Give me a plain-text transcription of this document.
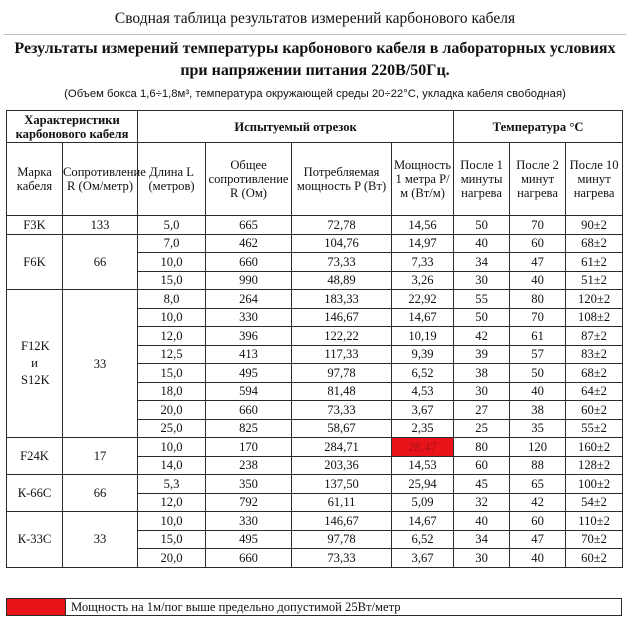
Сводная таблица результатов измерений карбонового кабеля
Результаты измерений температуры карбонового кабеля в лабораторных условиях
при напряжении питания 220В/50Гц.
(Объем бокса 1,6÷1,8м³, температура окружающей среды 20÷22°C, укладка кабеля свободная)
Характеристики карбонового кабеля		Испытуемый отрезок				Температура °C		
Марка кабеля	Сопротивление R (Ом/метр)	Длина L (метров)	Общее сопротивление R (Ом)	Потребляемая мощность P (Вт)	Мощность 1 метра P/м (Вт/м)	После 1 минуты нагрева	После 2 минут нагрева	После 10 минут нагрева
F3K	133	5,0	665	72,78	14,56	50	70	90±2
F6K	66	7,0	462	104,76	14,97	40	60	68±2
		10,0	660	73,33	7,33	34	47	61±2
		15,0	990	48,89	3,26	30	40	51±2
F12K и S12K	33	8,0	264	183,33	22,92	55	80	120±2
		10,0	330	146,67	14,67	50	70	108±2
		12,0	396	122,22	10,19	42	61	87±2
		12,5	413	117,33	9,39	39	57	83±2
		15,0	495	97,78	6,52	38	50	68±2
		18,0	594	81,48	4,53	30	40	64±2
		20,0	660	73,33	3,67	27	38	60±2
		25,0	825	58,67	2,35	25	35	55±2
F24K	17	10,0	170	284,71	28,47	80	120	160±2
		14,0	238	203,36	14,53	60	88	128±2
К-66С	66	5,3	350	137,50	25,94	45	65	100±2
		12,0	792	61,11	5,09	32	42	54±2
К-33С	33	10,0	330	146,67	14,67	40	60	110±2
		15,0	495	97,78	6,52	34	47	70±2
		20,0	660	73,33	3,67	30	40	60±2
Мощность на 1м/пог выше предельно допустимой 25Вт/метр
